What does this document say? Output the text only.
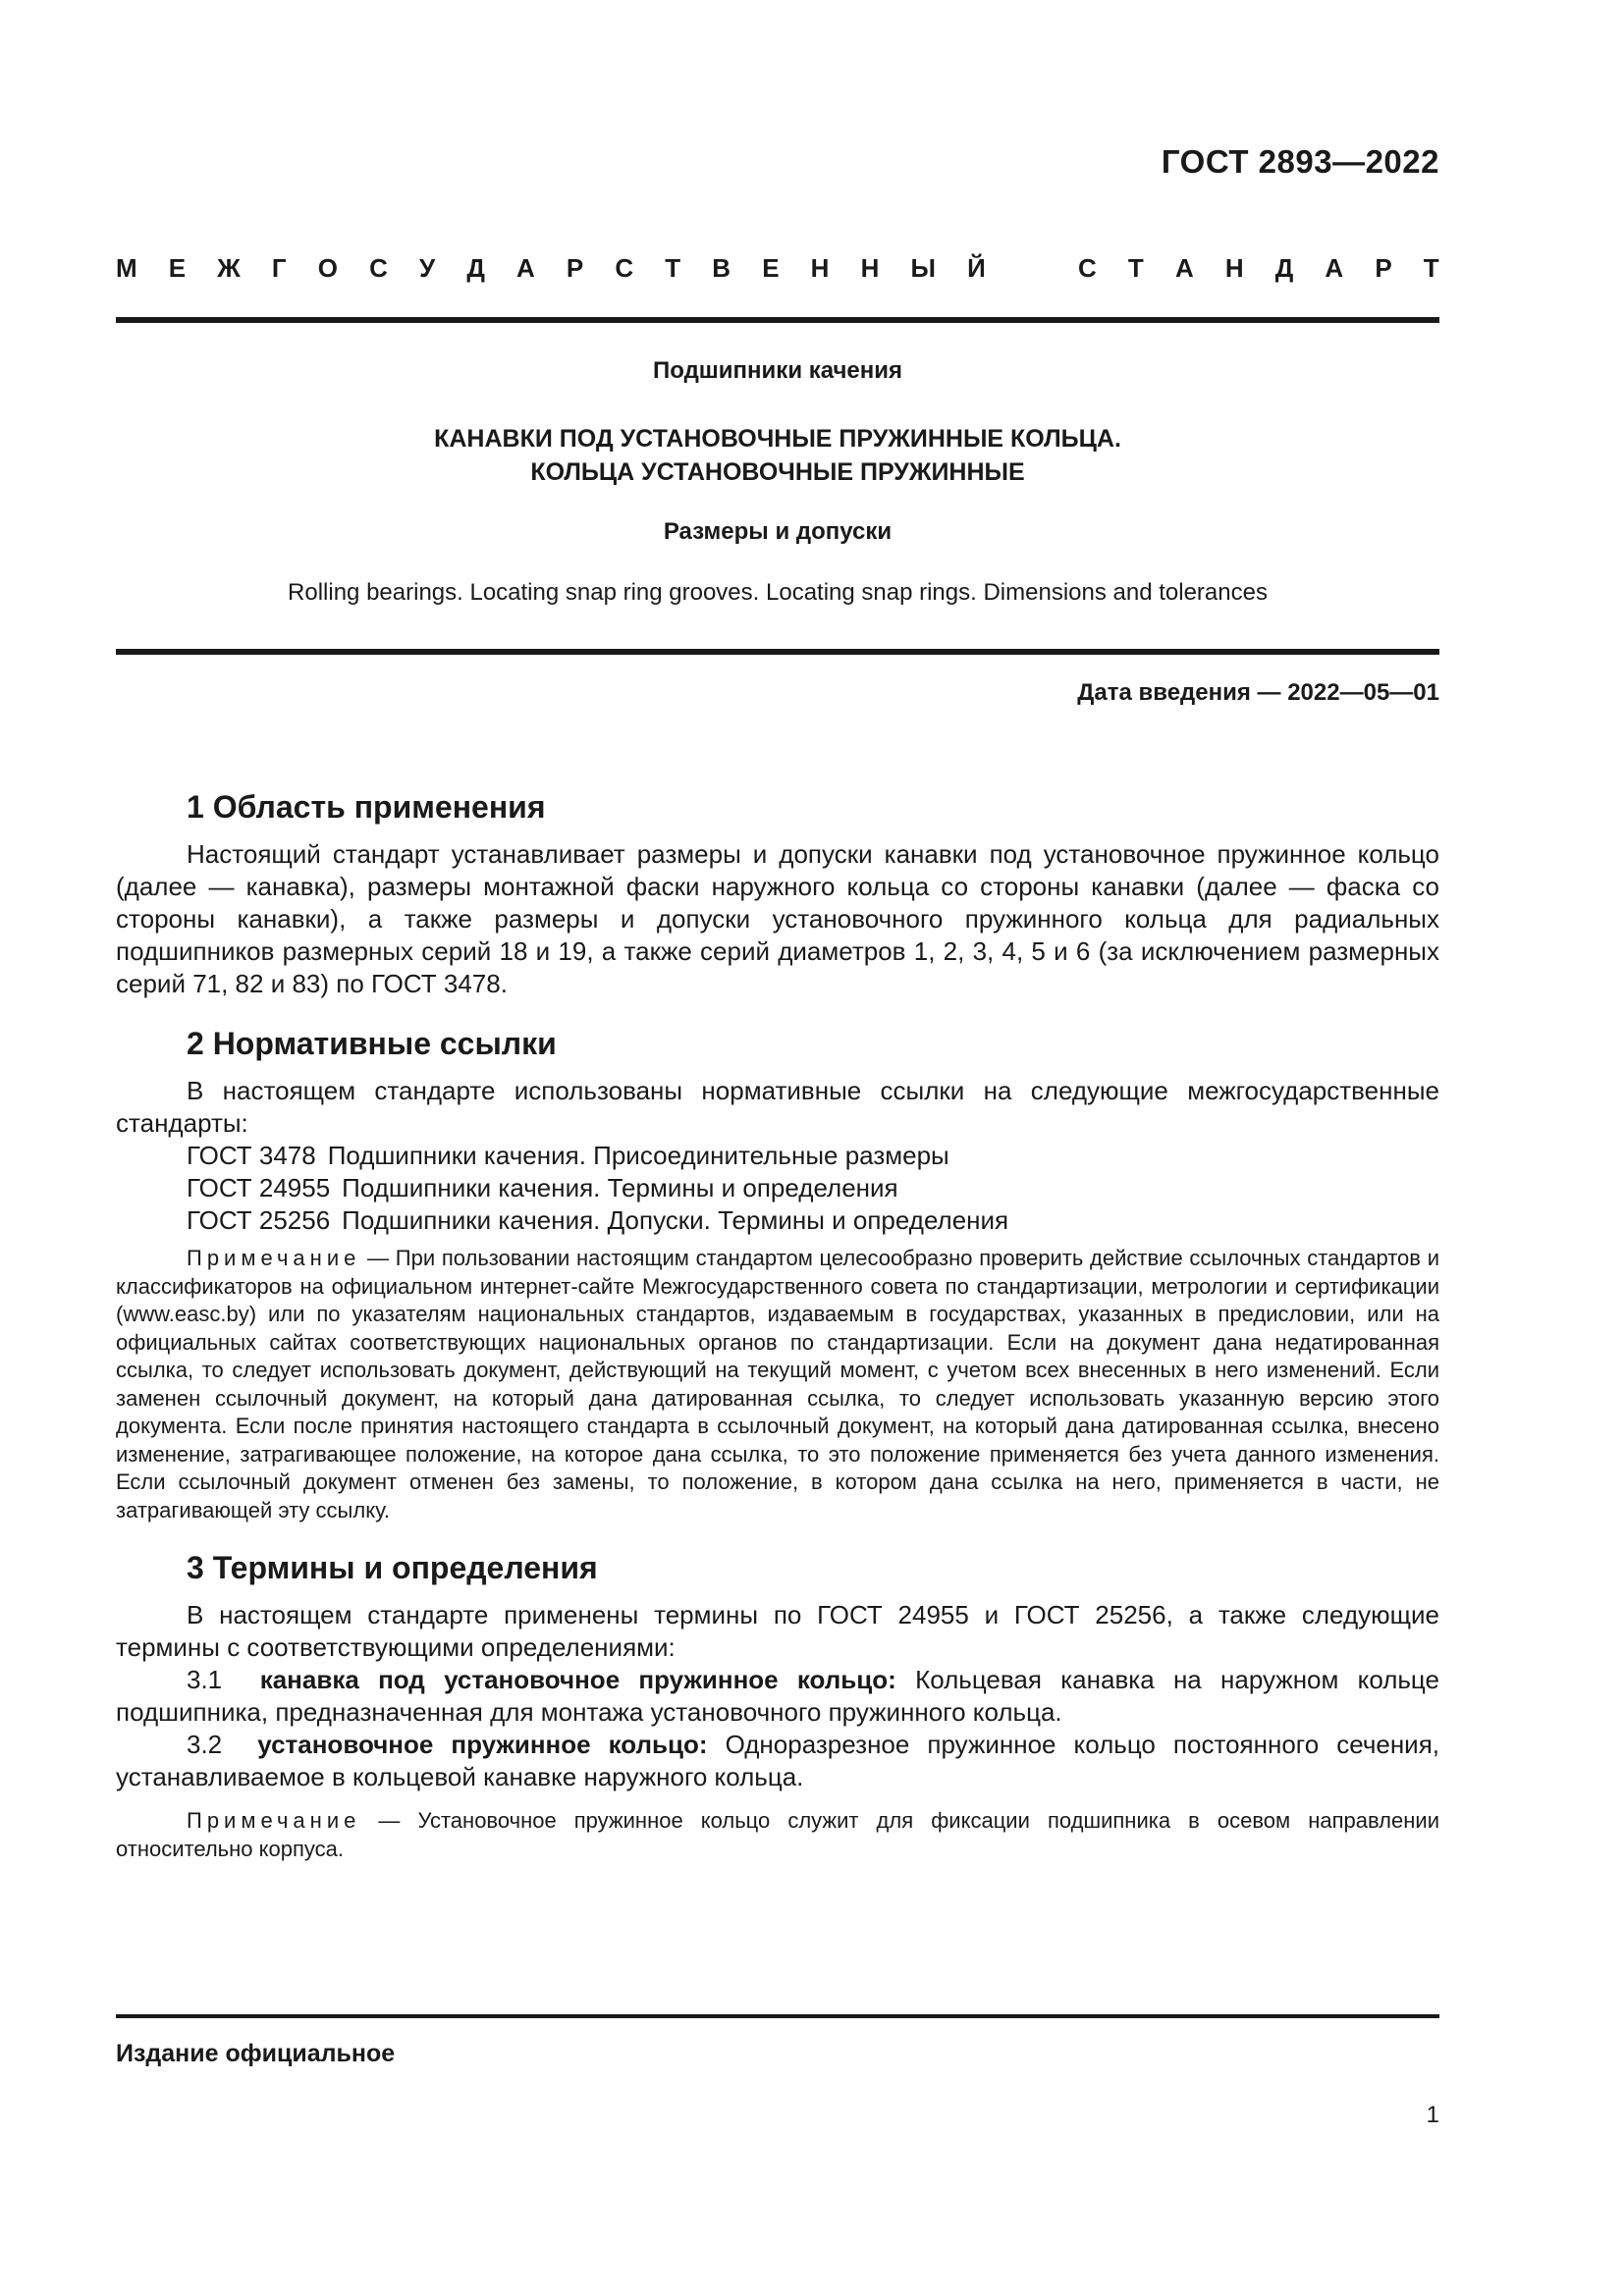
ГОСТ 2893—2022
М Е Ж Г О С У Д А Р С Т В Е Н Н Ы Й	С Т А Н Д А Р Т
Подшипники качения
КАНАВКИ ПОД УСТАНОВОЧНЫЕ ПРУЖИННЫЕ КОЛЬЦА.
КОЛЬЦА УСТАНОВОЧНЫЕ ПРУЖИННЫЕ
Размеры и допуски
Rolling bearings. Locating snap ring grooves. Locating snap rings. Dimensions and tolerances
Дата введения — 2022—05—01
1 Область применения

Настоящий стандарт устанавливает размеры и допуски канавки под установочное пружинное кольцо (далее — канавка), размеры монтажной фаски наружного кольца со стороны канавки (далее — фаска со стороны канавки), а также размеры и допуски установочного пружинного кольца для радиальных подшипников размерных серий 18 и 19, а также серий диаметров 1, 2, 3, 4, 5 и 6 (за исключением размерных серий 71, 82 и 83) по ГОСТ 3478.

2 Нормативные ссылки

В настоящем стандарте использованы нормативные ссылки на следующие межгосударственные стандарты:

ГОСТ 3478 Подшипники качения. Присоединительные размеры
ГОСТ 24955 Подшипники качения. Термины и определения
ГОСТ 25256 Подшипники качения. Допуски. Термины и определения
Примечание — При пользовании настоящим стандартом целесообразно проверить действие ссылочных стандартов и классификаторов на официальном интернет-сайте Межгосударственного совета по стандартизации, метрологии и сертификации (www.easc.by) или по указателям национальных стандартов, издаваемым в государствах, указанных в предисловии, или на официальных сайтах соответствующих национальных органов по стандартизации. Если на документ дана недатированная ссылка, то следует использовать документ, действующий на текущий момент, с учетом всех внесенных в него изменений. Если заменен ссылочный документ, на который дана датированная ссылка, то следует использовать указанную версию этого документа. Если после принятия настоящего стандарта в ссылочный документ, на который дана датированная ссылка, внесено изменение, затрагивающее положение, на которое дана ссылка, то это положение применяется без учета данного изменения. Если ссылочный документ отменен без замены, то положение, в котором дана ссылка на него, применяется в части, не затрагивающей эту ссылку.
3 Термины и определения

В настоящем стандарте применены термины по ГОСТ 24955 и ГОСТ 25256, а также следующие термины с соответствующими определениями:

3.1 канавка под установочное пружинное кольцо: Кольцевая канавка на наружном кольце подшипника, предназначенная для монтажа установочного пружинного кольца.

3.2 установочное пружинное кольцо: Одноразрезное пружинное кольцо постоянного сечения, устанавливаемое в кольцевой канавке наружного кольца.

Примечание — Установочное пружинное кольцо служит для фиксации подшипника в осевом направлении относительно корпуса.
Издание официальное
1
